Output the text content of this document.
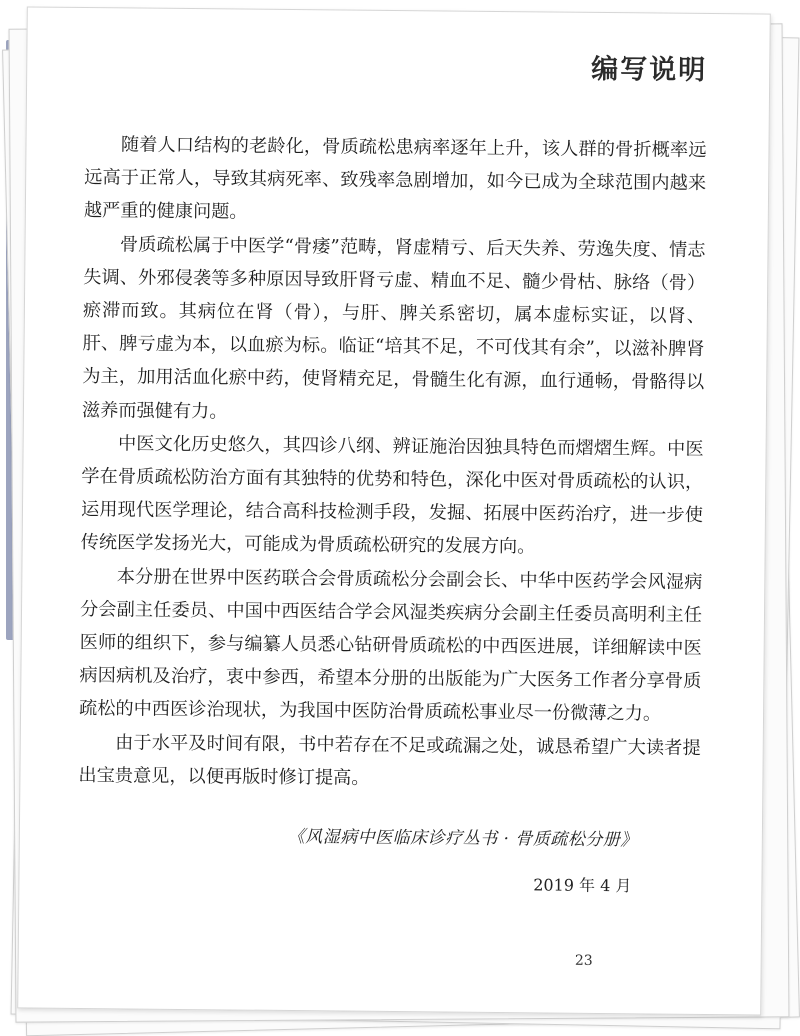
编写说明

随着人口结构的老龄化，骨质疏松患病率逐年上升，该人群的骨折概率远远高于正常人，导致其病死率、致残率急剧增加，如今已成为全球范围内越来越严重的健康问题。

骨质疏松属于中医学“骨痿”范畴，肾虚精亏、后天失养、劳逸失度、情志失调、外邪侵袭等多种原因导致肝肾亏虚、精血不足、髓少骨枯、脉络（骨）瘀滞而致。其病位在肾（骨），与肝、脾关系密切，属本虚标实证，以肾、肝、脾亏虚为本，以血瘀为标。临证“培其不足，不可伐其有余”，以滋补脾肾为主，加用活血化瘀中药，使肾精充足，骨髓生化有源，血行通畅，骨骼得以滋养而强健有力。

中医文化历史悠久，其四诊八纲、辨证施治因独具特色而熠熠生辉。中医学在骨质疏松防治方面有其独特的优势和特色，深化中医对骨质疏松的认识，运用现代医学理论，结合高科技检测手段，发掘、拓展中医药治疗，进一步使传统医学发扬光大，可能成为骨质疏松研究的发展方向。

本分册在世界中医药联合会骨质疏松分会副会长、中华中医药学会风湿病分会副主任委员、中国中西医结合学会风湿类疾病分会副主任委员高明利主任医师的组织下，参与编纂人员悉心钻研骨质疏松的中西医进展，详细解读中医病因病机及治疗，衷中参西，希望本分册的出版能为广大医务工作者分享骨质疏松的中西医诊治现状，为我国中医防治骨质疏松事业尽一份微薄之力。

由于水平及时间有限，书中若存在不足或疏漏之处，诚恳希望广大读者提出宝贵意见，以便再版时修订提高。

《风湿病中医临床诊疗丛书 · 骨质疏松分册》
2019 年 4 月
23
